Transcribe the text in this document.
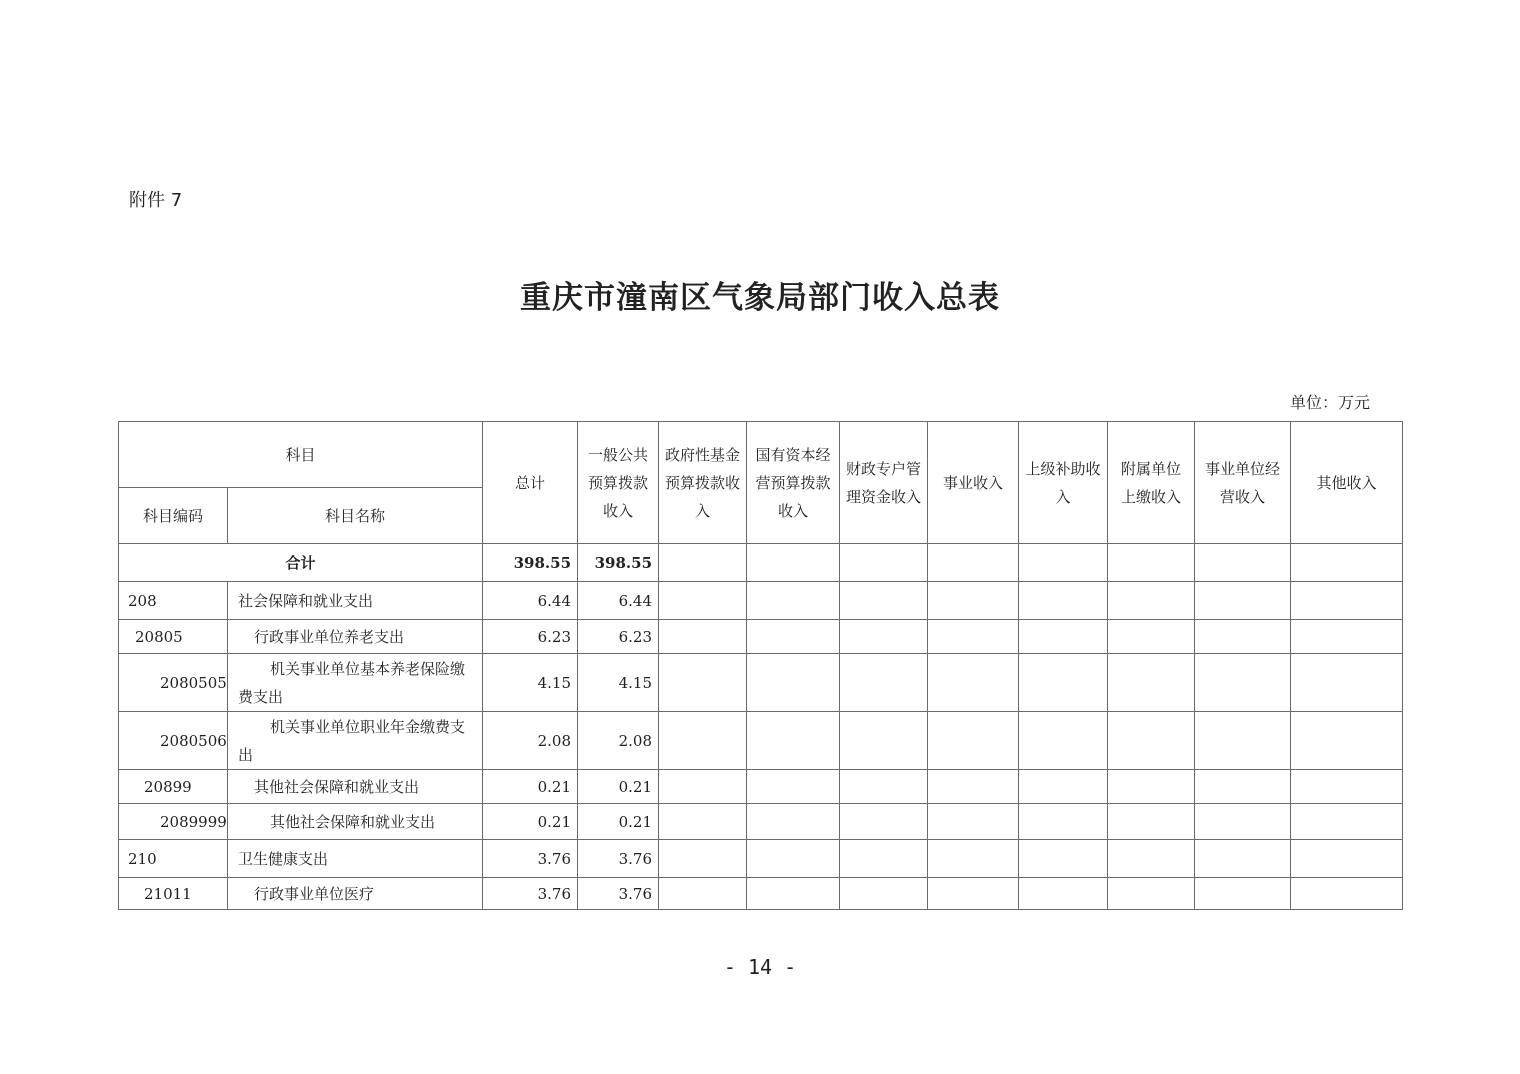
附件 7
重庆市潼南区气象局部门收入总表
单位：万元
科目		总计	一般公共预算拨款收入	政府性基金预算拨款收入	国有资本经营预算拨款收入	财政专户管理资金收入	事业收入	上级补助收入	附属单位上缴收入	事业单位经营收入	其他收入
科目编码	科目名称										
合计		398.55	398.55								
208	社会保障和就业支出	6.44	6.44								
20805	行政事业单位养老支出	6.23	6.23								
2080505	机关事业单位基本养老保险缴费支出	4.15	4.15								
2080506	机关事业单位职业年金缴费支出	2.08	2.08								
20899	其他社会保障和就业支出	0.21	0.21								
2089999	其他社会保障和就业支出	0.21	0.21								
210	卫生健康支出	3.76	3.76								
21011	行政事业单位医疗	3.76	3.76								
- 14 -
